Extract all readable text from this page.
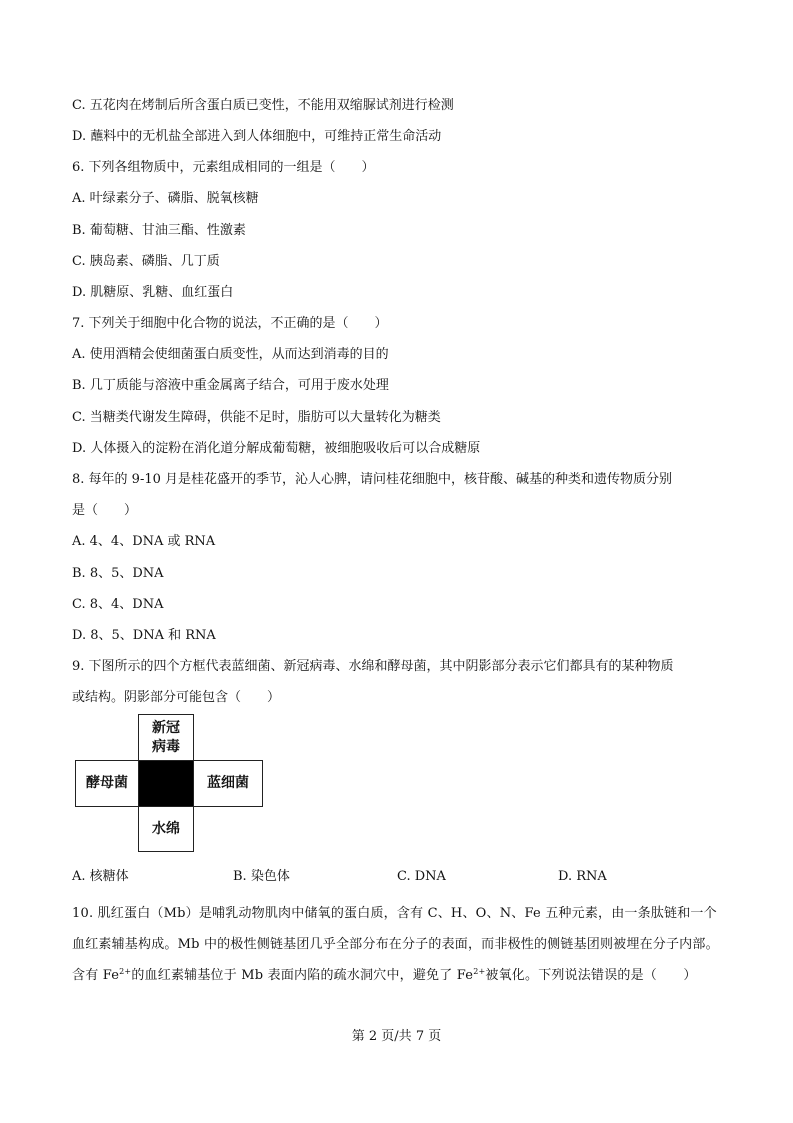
C. 五花肉在烤制后所含蛋白质已变性，不能用双缩脲试剂进行检测
D. 蘸料中的无机盐全部进入到人体细胞中，可维持正常生命活动
6. 下列各组物质中，元素组成相同的一组是（　　）
A. 叶绿素分子、磷脂、脱氧核糖
B. 葡萄糖、甘油三酯、性激素
C. 胰岛素、磷脂、几丁质
D. 肌糖原、乳糖、血红蛋白
7. 下列关于细胞中化合物的说法，不正确的是（　　）
A. 使用酒精会使细菌蛋白质变性，从而达到消毒的目的
B. 几丁质能与溶液中重金属离子结合，可用于废水处理
C. 当糖类代谢发生障碍，供能不足时，脂肪可以大量转化为糖类
D. 人体摄入的淀粉在消化道分解成葡萄糖，被细胞吸收后可以合成糖原
8. 每年的 9-10 月是桂花盛开的季节，沁人心脾，请问桂花细胞中，核苷酸、碱基的种类和遗传物质分别
是（　　）
A. 4、4、DNA 或 RNA
B. 8、5、DNA
C. 8、4、DNA
D. 8、5、DNA 和 RNA
9. 下图所示的四个方框代表蓝细菌、新冠病毒、水绵和酵母菌，其中阴影部分表示它们都具有的某种物质
或结构。阴影部分可能包含（　　）
新冠
病毒
酵母菌	蓝细菌
水绵
A. 核糖体	B. 染色体	C. DNA	D. RNA
10. 肌红蛋白（Mb）是哺乳动物肌肉中储氧的蛋白质，含有 C、H、O、N、Fe 五种元素，由一条肽链和一个血红素辅基构成。Mb 中的极性侧链基团几乎全部分布在分子的表面，而非极性的侧链基团则被埋在分子内部。含有 $Fe^{2+}$的血红素辅基位于 Mb 表面内陷的疏水洞穴中，避免了 $Fe^{2+}$被氧化。下列说法错误的是（　　）
第 2 页/共 7 页
